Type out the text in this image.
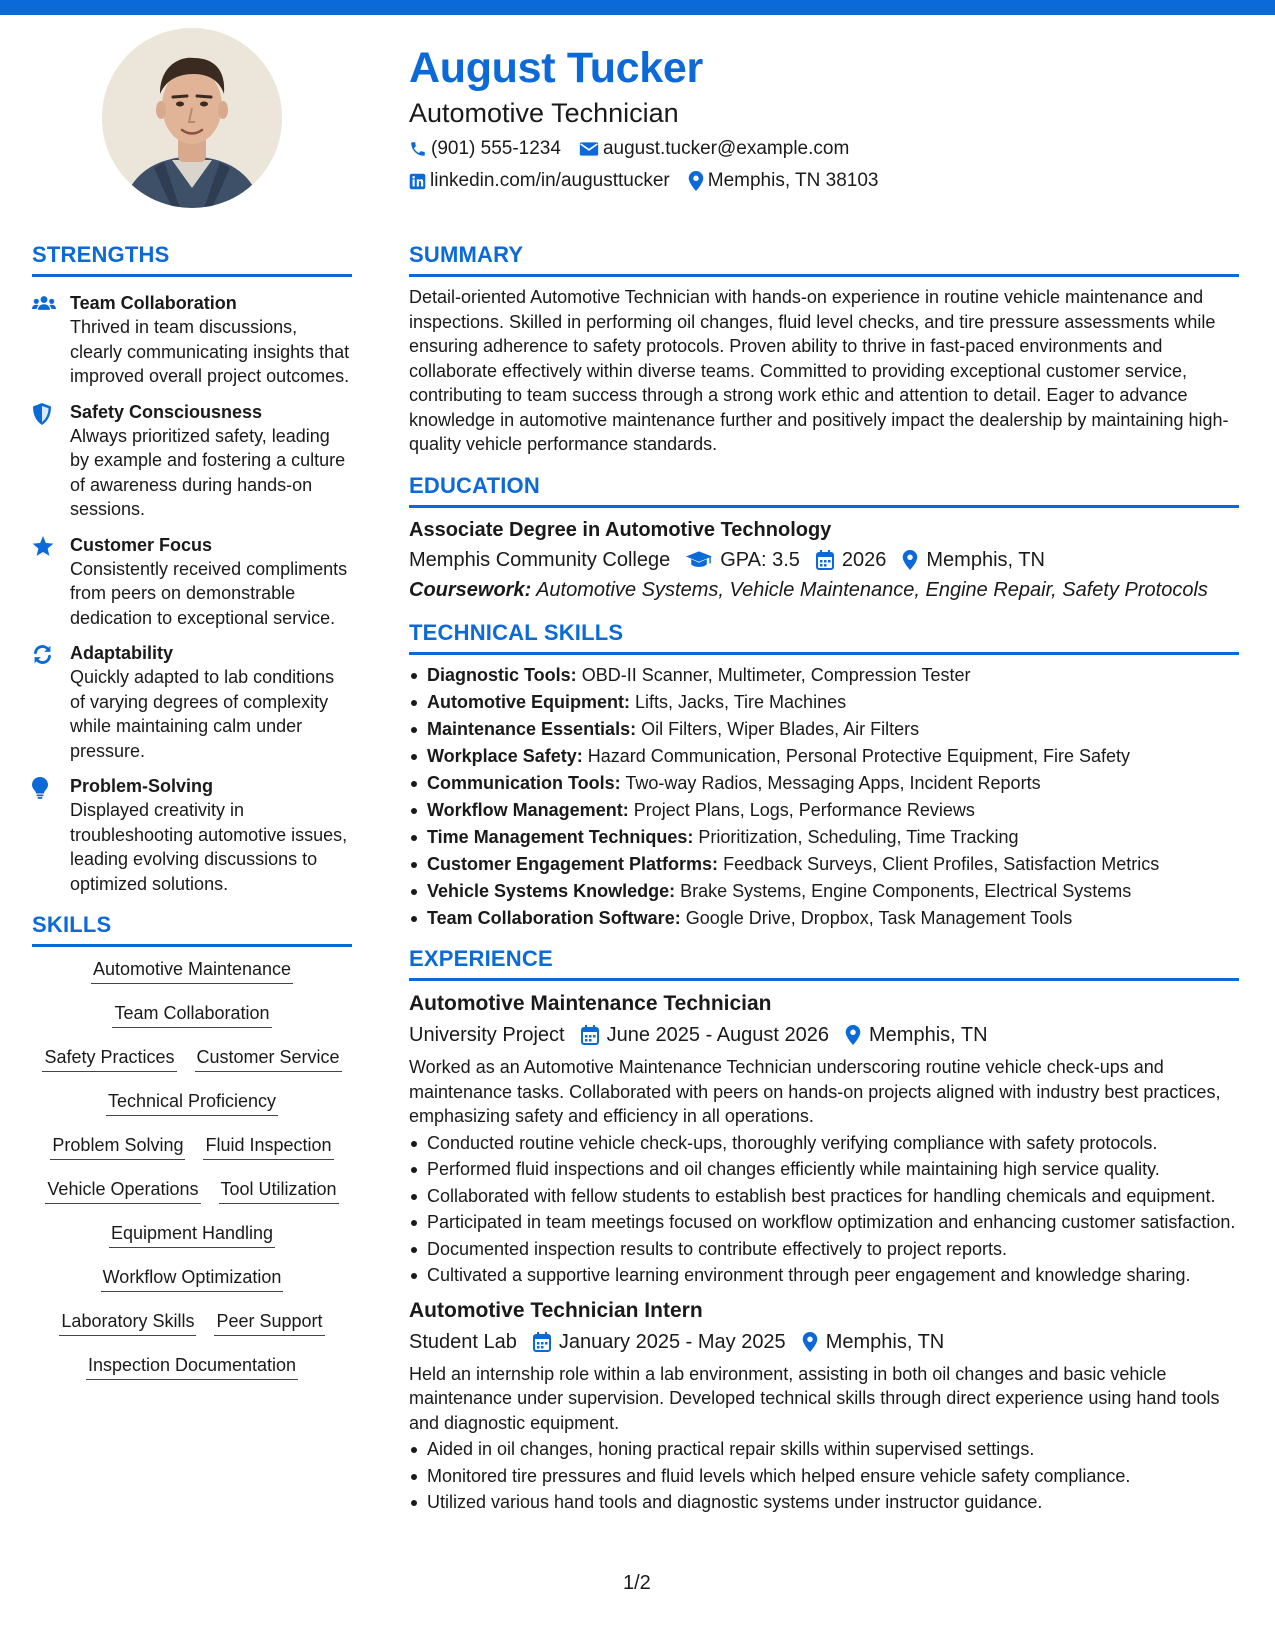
August Tucker
Automotive Technician
(901) 555-1234 august.tucker@example.com
linkedin.com/in/augusttucker Memphis, TN 38103
STRENGTHS
Team Collaboration
Thrived in team discussions, clearly communicating insights that improved overall project outcomes.
Safety Consciousness
Always prioritized safety, leading by example and fostering a culture of awareness during hands-on sessions.
Customer Focus
Consistently received compliments from peers on demonstrable dedication to exceptional service.
Adaptability
Quickly adapted to lab conditions of varying degrees of complexity while maintaining calm under pressure.
Problem-Solving
Displayed creativity in troubleshooting automotive issues, leading evolving discussions to optimized solutions.
SKILLS
Automotive Maintenance
Team Collaboration
Safety Practices Customer Service
Technical Proficiency
Problem Solving Fluid Inspection
Vehicle Operations Tool Utilization
Equipment Handling
Workflow Optimization
Laboratory Skills Peer Support
Inspection Documentation
SUMMARY
Detail-oriented Automotive Technician with hands-on experience in routine vehicle maintenance and inspections. Skilled in performing oil changes, fluid level checks, and tire pressure assessments while ensuring adherence to safety protocols. Proven ability to thrive in fast-paced environments and collaborate effectively within diverse teams. Committed to providing exceptional customer service, contributing to team success through a strong work ethic and attention to detail. Eager to advance knowledge in automotive maintenance further and positively impact the dealership by maintaining high-quality vehicle performance standards.
EDUCATION
Associate Degree in Automotive Technology
Memphis Community College	GPA: 3.5 2026 Memphis, TN
Coursework: Automotive Systems, Vehicle Maintenance, Engine Repair, Safety Protocols
TECHNICAL SKILLS
Diagnostic Tools: OBD-II Scanner, Multimeter, Compression Tester
Automotive Equipment: Lifts, Jacks, Tire Machines
Maintenance Essentials: Oil Filters, Wiper Blades, Air Filters
Workplace Safety: Hazard Communication, Personal Protective Equipment, Fire Safety
Communication Tools: Two-way Radios, Messaging Apps, Incident Reports
Workflow Management: Project Plans, Logs, Performance Reviews
Time Management Techniques: Prioritization, Scheduling, Time Tracking
Customer Engagement Platforms: Feedback Surveys, Client Profiles, Satisfaction Metrics
Vehicle Systems Knowledge: Brake Systems, Engine Components, Electrical Systems
Team Collaboration Software: Google Drive, Dropbox, Task Management Tools
EXPERIENCE
Automotive Maintenance Technician
University Project June 2025 - August 2026 Memphis, TN
Worked as an Automotive Maintenance Technician underscoring routine vehicle check-ups and maintenance tasks. Collaborated with peers on hands-on projects aligned with industry best practices, emphasizing safety and efficiency in all operations.
Conducted routine vehicle check-ups, thoroughly verifying compliance with safety protocols.
Performed fluid inspections and oil changes efficiently while maintaining high service quality.
Collaborated with fellow students to establish best practices for handling chemicals and equipment.
Participated in team meetings focused on workflow optimization and enhancing customer satisfaction.
Documented inspection results to contribute effectively to project reports.
Cultivated a supportive learning environment through peer engagement and knowledge sharing.
Automotive Technician Intern
Student Lab January 2025 - May 2025 Memphis, TN
Held an internship role within a lab environment, assisting in both oil changes and basic vehicle maintenance under supervision. Developed technical skills through direct experience using hand tools and diagnostic equipment.
Aided in oil changes, honing practical repair skills within supervised settings.
Monitored tire pressures and fluid levels which helped ensure vehicle safety compliance.
Utilized various hand tools and diagnostic systems under instructor guidance.
1/2
